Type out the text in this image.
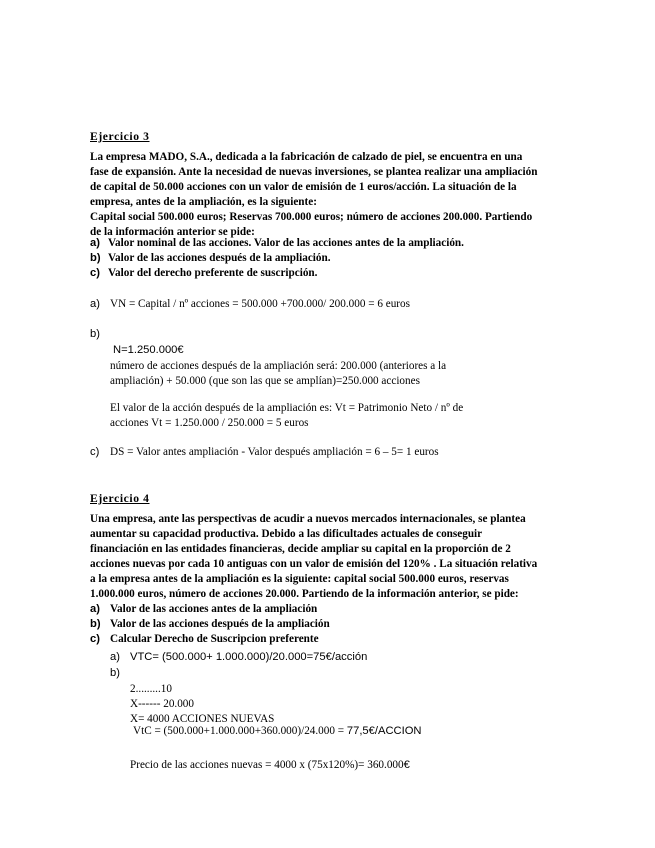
Ejercicio 3
La empresa MADO, S.A., dedicada a la fabricación de calzado de piel, se encuentra en una
fase de expansión. Ante la necesidad de nuevas inversiones, se plantea realizar una ampliación
de capital de 50.000 acciones con un valor de emisión de 1 euros/acción. La situación de la
empresa, antes de la ampliación, es la siguiente:
Capital social 500.000 euros; Reservas 700.000 euros; número de acciones 200.000. Partiendo
de la información anterior se pide:
a) Valor nominal de las acciones. Valor de las acciones antes de la ampliación.
b) Valor de las acciones después de la ampliación.
c) Valor del derecho preferente de suscripción.
a) VN = Capital / nº acciones = 500.000 +700.000/ 200.000 = 6 euros
b)
N=1.250.000€
número de acciones después de la ampliación será: 200.000 (anteriores a la
ampliación) + 50.000 (que son las que se amplían)=250.000 acciones
El valor de la acción después de la ampliación es: Vt = Patrimonio Neto / nº de
acciones Vt = 1.250.000 / 250.000 = 5 euros
c) DS = Valor antes ampliación - Valor después ampliación = 6 – 5= 1 euros
Ejercicio 4
Una empresa, ante las perspectivas de acudir a nuevos mercados internacionales, se plantea
aumentar su capacidad productiva. Debido a las dificultades actuales de conseguir
financiación en las entidades financieras, decide ampliar su capital en la proporción de 2
acciones nuevas por cada 10 antiguas con un valor de emisión del 120% . La situación relativa
a la empresa antes de la ampliación es la siguiente: capital social 500.000 euros, reservas
1.000.000 euros, número de acciones 20.000. Partiendo de la información anterior, se pide:
a) Valor de las acciones antes de la ampliación
b) Valor de las acciones después de la ampliación
c) Calcular Derecho de Suscripcion preferente
a) VTC= (500.000+ 1.000.000)/20.000=75€/acción
b)
2.........10
X------ 20.000
X= 4000 ACCIONES NUEVAS
VtC = (500.000+1.000.000+360.000)/24.000 = 77,5€/ACCION
Precio de las acciones nuevas = 4000 x (75x120%)= 360.000€
